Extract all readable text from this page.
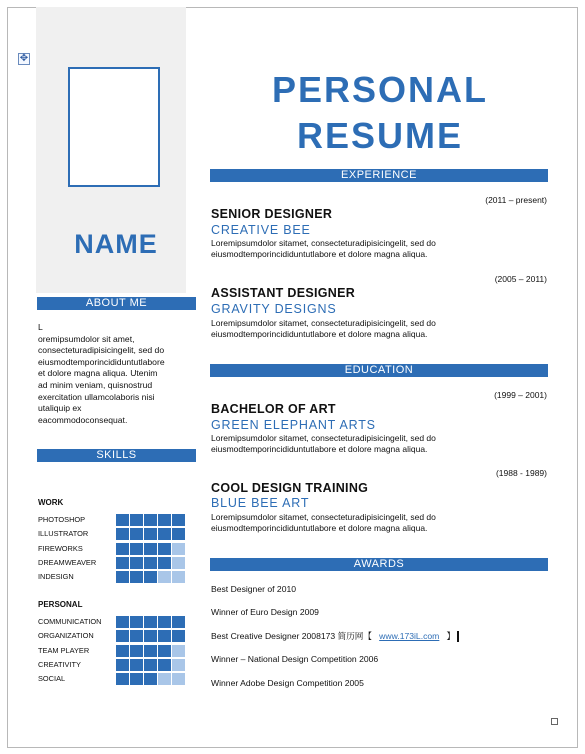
✥
NAME
ABOUT ME
L
oremipsumdolor sit amet,
consecteturadipisicingelit, sed do
eiusmodtemporincididuntutlabore
et dolore magna aliqua. Utenim
ad minim veniam, quisnostrud
exercitation ullamcolaboris nisi
utaliquip ex
eacommodoconsequat.
SKILLS
WORK
PHOTOSHOP
ILLUSTRATOR
FIREWORKS
DREAMWEAVER
INDESIGN
PERSONAL
COMMUNICATION
ORGANIZATION
TEAM PLAYER
CREATIVITY
SOCIAL
PERSONAL
RESUME
EXPERIENCE
(2011 – present)
SENIOR DESIGNER
CREATIVE BEE
Loremipsumdolor sitamet, consecteturadipisicingelit, sed do
eiusmodtemporincididuntutlabore et dolore magna aliqua.
(2005 – 2011)
ASSISTANT DESIGNER
GRAVITY DESIGNS
Loremipsumdolor sitamet, consecteturadipisicingelit, sed do
eiusmodtemporincididuntutlabore et dolore magna aliqua.
EDUCATION
(1999 – 2001)
BACHELOR OF ART
GREEN ELEPHANT ARTS
Loremipsumdolor sitamet, consecteturadipisicingelit, sed do
eiusmodtemporincididuntutlabore et dolore magna aliqua.
(1988 - 1989)
COOL DESIGN TRAINING
BLUE BEE ART
Loremipsumdolor sitamet, consecteturadipisicingelit, sed do
eiusmodtemporincididuntutlabore et dolore magna aliqua.
AWARDS
Best Designer of 2010
Winner of Euro Design 2009
Best Creative Designer 2008173 简历网【 www.173iL.com 】
Winner – National Design Competition 2006
Winner Adobe Design Competition 2005
